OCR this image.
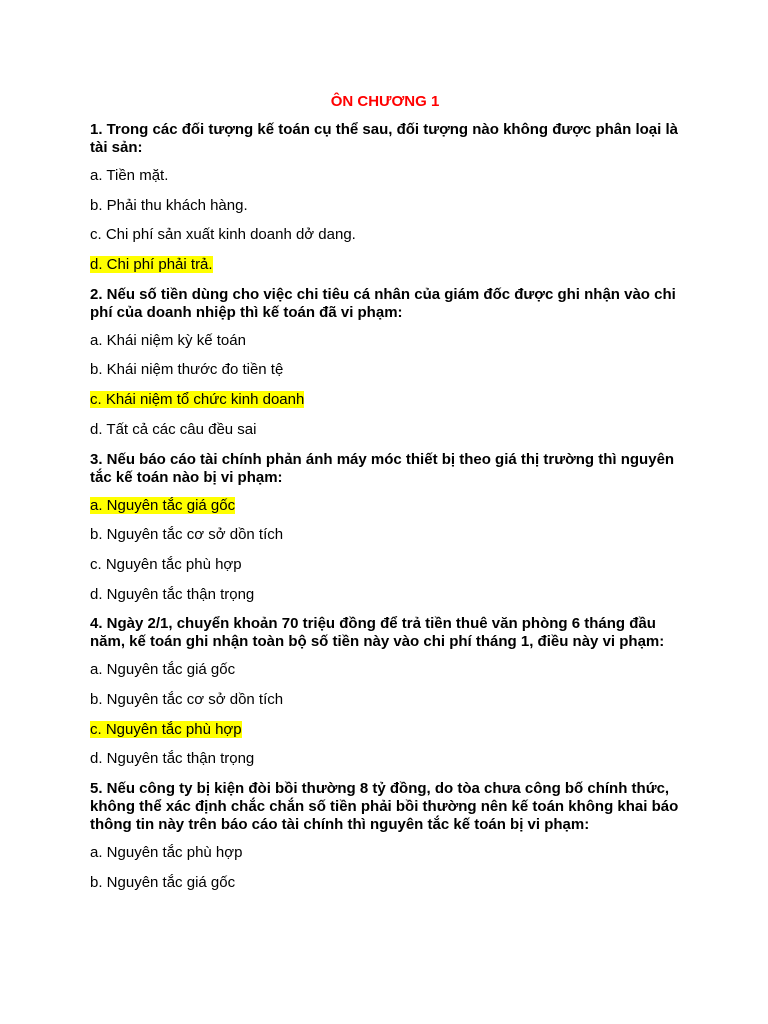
ÔN CHƯƠNG 1
1. Trong các đối tượng kế toán cụ thể sau, đối tượng nào không được phân loại là tài sản:
a. Tiền mặt.
b. Phải thu khách hàng.
c. Chi phí sản xuất kinh doanh dở dang.
d. Chi phí phải trả.
2. Nếu số tiền dùng cho việc chi tiêu cá nhân của giám đốc được ghi nhận vào chi phí của doanh nhiệp thì kế toán đã vi phạm:
a. Khái niệm kỳ kế toán
b. Khái niệm thước đo tiền tệ
c. Khái niệm tổ chức kinh doanh
d. Tất cả các câu đều sai
3. Nếu báo cáo tài chính phản ánh máy móc thiết bị theo giá thị trường thì nguyên tắc kế toán nào bị vi phạm:
a. Nguyên tắc giá gốc
b. Nguyên tắc cơ sở dồn tích
c. Nguyên tắc phù hợp
d. Nguyên tắc thận trọng
4. Ngày 2/1, chuyển khoản 70 triệu đồng để trả tiền thuê văn phòng 6 tháng đầu năm, kế toán ghi nhận toàn bộ số tiền này vào chi phí tháng 1, điều này vi phạm:
a. Nguyên tắc giá gốc
b. Nguyên tắc cơ sở dồn tích
c. Nguyên tắc phù hợp
d. Nguyên tắc thận trọng
5. Nếu công ty bị kiện đòi bồi thường 8 tỷ đồng, do tòa chưa công bố chính thức, không thể xác định chắc chắn số tiền phải bồi thường nên kế toán không khai báo thông tin này trên báo cáo tài chính thì nguyên tắc kế toán bị vi phạm:
a. Nguyên tắc phù hợp
b. Nguyên tắc giá gốc
